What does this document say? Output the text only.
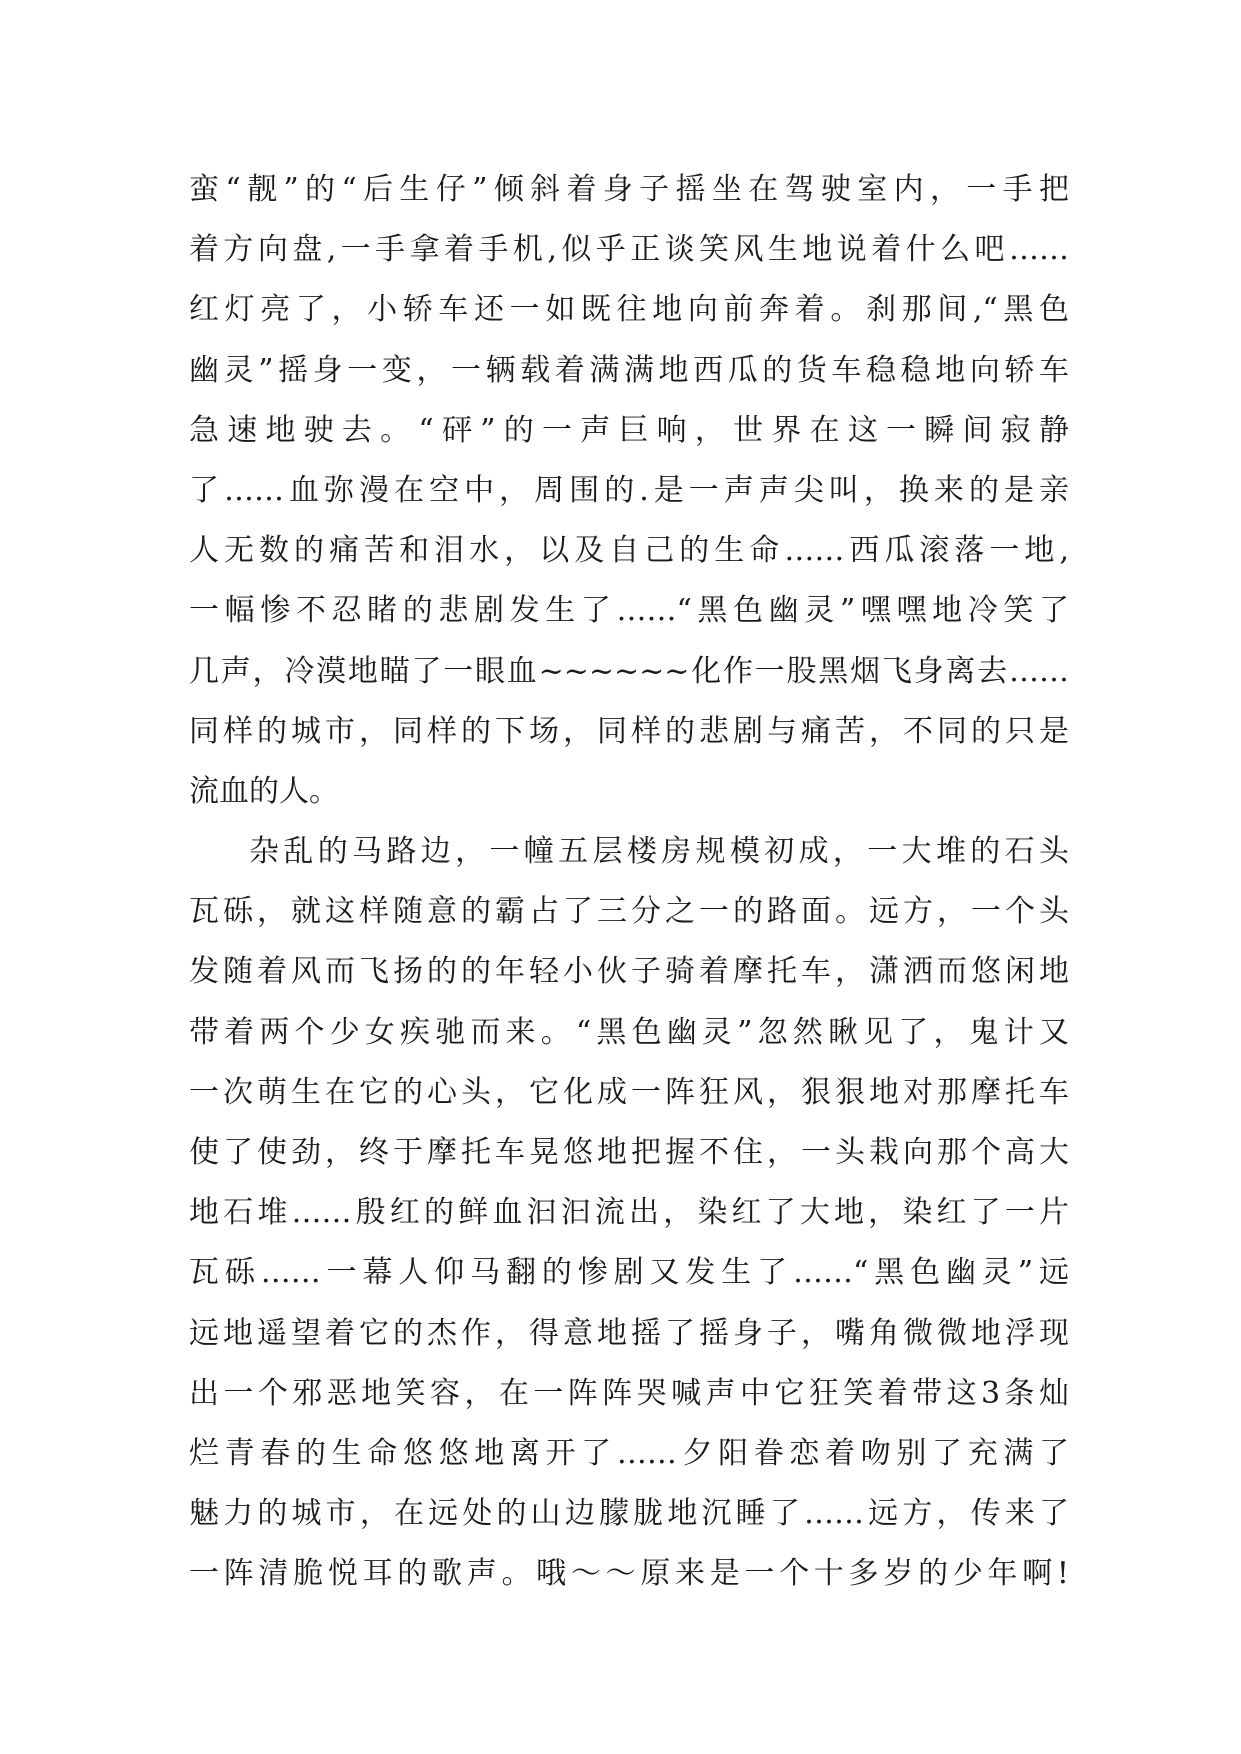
蛮“靓”的“后生仔”倾斜着身子摇坐在驾驶室内，一手把
着方向盘,一手拿着手机,似乎正谈笑风生地说着什么吧……
红灯亮了，小轿车还一如既往地向前奔着。刹那间,“黑色
幽灵”摇身一变，一辆载着满满地西瓜的货车稳稳地向轿车
急速地驶去。“砰”的一声巨响，世界在这一瞬间寂静
了……血弥漫在空中，周围的.是一声声尖叫，换来的是亲
人无数的痛苦和泪水，以及自己的生命……西瓜滚落一地,
一幅惨不忍睹的悲剧发生了……“黑色幽灵”嘿嘿地冷笑了
几声，冷漠地瞄了一眼血~~~~~~化作一股黑烟飞身离去……
同样的城市，同样的下场，同样的悲剧与痛苦，不同的只是
流血的人。
杂乱的马路边，一幢五层楼房规模初成，一大堆的石头
瓦砾，就这样随意的霸占了三分之一的路面。远方，一个头
发随着风而飞扬的的年轻小伙子骑着摩托车，潇洒而悠闲地
带着两个少女疾驰而来。“黑色幽灵”忽然瞅见了，鬼计又
一次萌生在它的心头，它化成一阵狂风，狠狠地对那摩托车
使了使劲，终于摩托车晃悠地把握不住，一头栽向那个高大
地石堆……殷红的鲜血汩汩流出，染红了大地，染红了一片
瓦砾……一幕人仰马翻的惨剧又发生了……“黑色幽灵”远
远地遥望着它的杰作，得意地摇了摇身子，嘴角微微地浮现
出一个邪恶地笑容，在一阵阵哭喊声中它狂笑着带这3条灿
烂青春的生命悠悠地离开了……夕阳眷恋着吻别了充满了
魅力的城市，在远处的山边朦胧地沉睡了……远方，传来了
一阵清脆悦耳的歌声。哦～～原来是一个十多岁的少年啊!
